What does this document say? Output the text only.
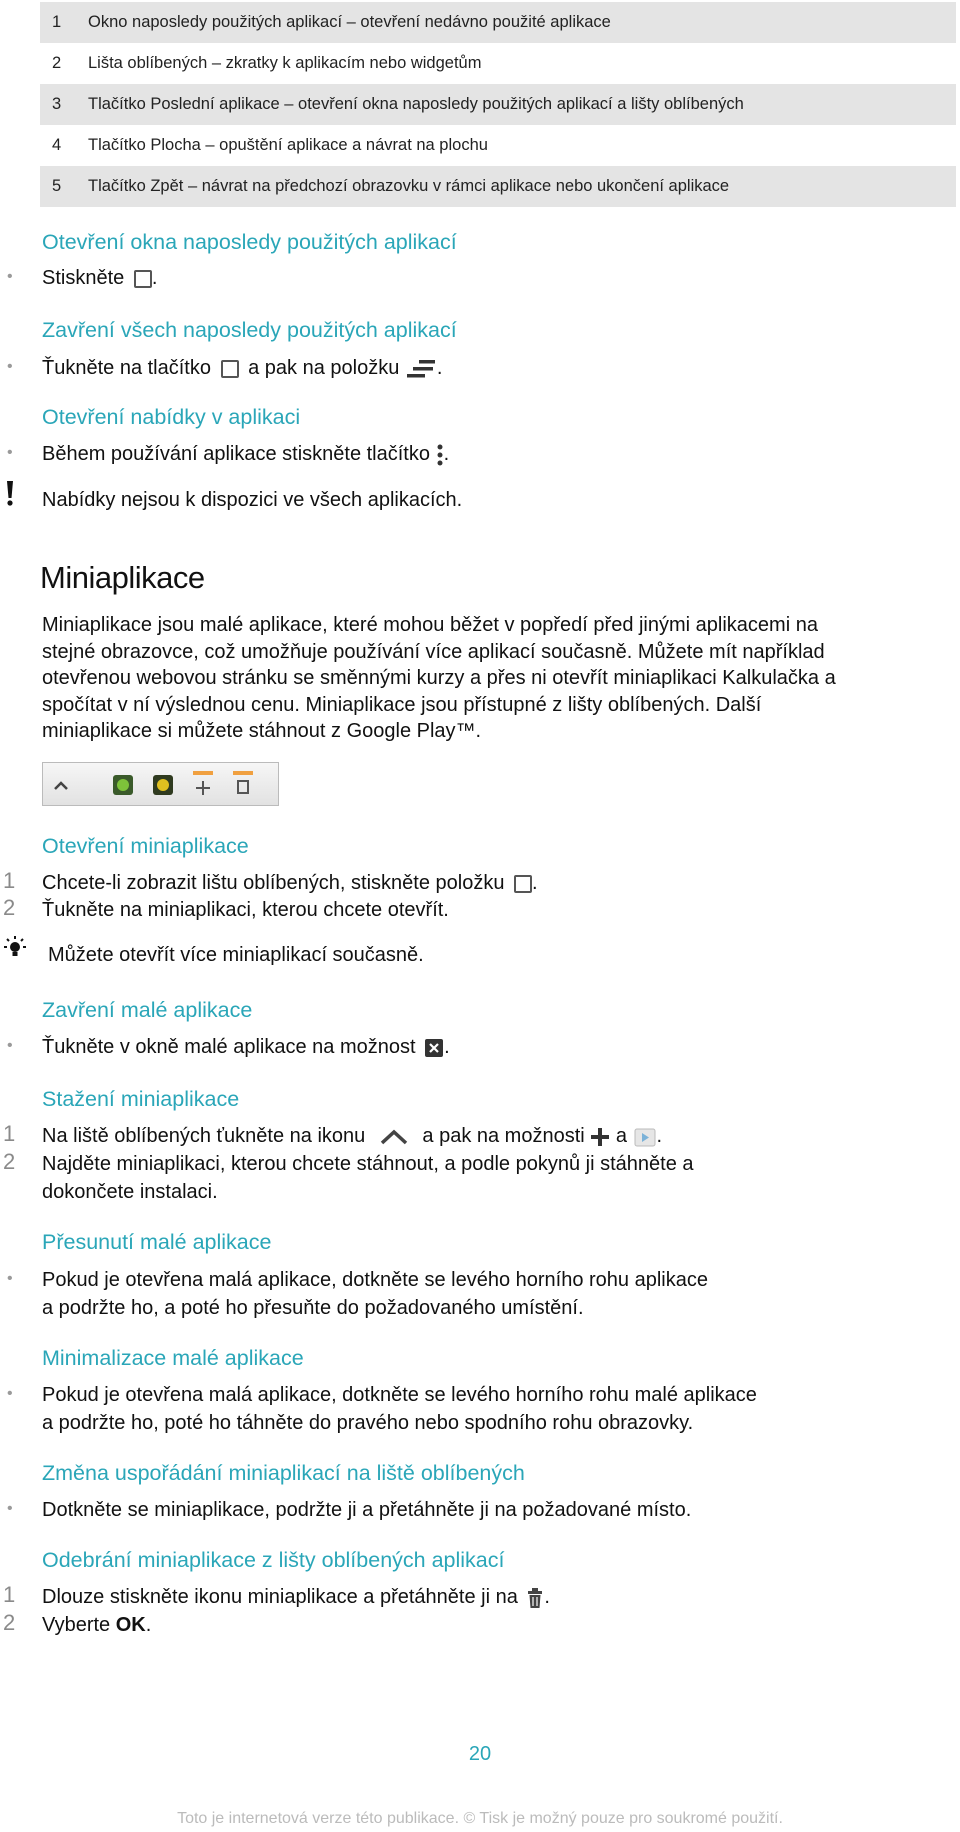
1	Okno naposledy použitých aplikací – otevření nedávno použité aplikace
2	Lišta oblíbených – zkratky k aplikacím nebo widgetům
3	Tlačítko Poslední aplikace – otevření okna naposledy použitých aplikací a lišty oblíbených
4	Tlačítko Plocha – opuštění aplikace a návrat na plochu
5	Tlačítko Zpět – návrat na předchozí obrazovku v rámci aplikace nebo ukončení aplikace
Otevření okna naposledy použitých aplikací
• Stiskněte .
Zavření všech naposledy použitých aplikací
• Ťukněte na tlačítko a pak na položku .
Otevření nabídky v aplikaci
• Během používání aplikace stiskněte tlačítko .
Nabídky nejsou k dispozici ve všech aplikacích.
Miniaplikace
Miniaplikace jsou malé aplikace, které mohou běžet v popředí před jinými aplikacemi na
stejné obrazovce, což umožňuje používání více aplikací současně. Můžete mít například
otevřenou webovou stránku se směnnými kurzy a přes ni otevřít miniaplikaci Kalkulačka a
spočítat v ní výslednou cenu. Miniaplikace jsou přístupné z lišty oblíbených. Další
miniaplikace si můžete stáhnout z Google Play™.
Otevření miniaplikace
1 Chcete-li zobrazit lištu oblíbených, stiskněte položku .
2 Ťukněte na miniaplikaci, kterou chcete otevřít.
Můžete otevřít více miniaplikací současně.
Zavření malé aplikace
• Ťukněte v okně malé aplikace na možnost .
Stažení miniaplikace
1 Na liště oblíbených ťukněte na ikonu	a pak na možnosti a .
2 Najděte miniaplikaci, kterou chcete stáhnout, a podle pokynů ji stáhněte a
dokončete instalaci.
Přesunutí malé aplikace
• Pokud je otevřena malá aplikace, dotkněte se levého horního rohu aplikace
a podržte ho, a poté ho přesuňte do požadovaného umístění.
Minimalizace malé aplikace
• Pokud je otevřena malá aplikace, dotkněte se levého horního rohu malé aplikace
a podržte ho, poté ho táhněte do pravého nebo spodního rohu obrazovky.
Změna uspořádání miniaplikací na liště oblíbených
• Dotkněte se miniaplikace, podržte ji a přetáhněte ji na požadované místo.
Odebrání miniaplikace z lišty oblíbených aplikací
1 Dlouze stiskněte ikonu miniaplikace a přetáhněte ji na .
2 Vyberte OK.
20
Toto je internetová verze této publikace. © Tisk je možný pouze pro soukromé použití.
